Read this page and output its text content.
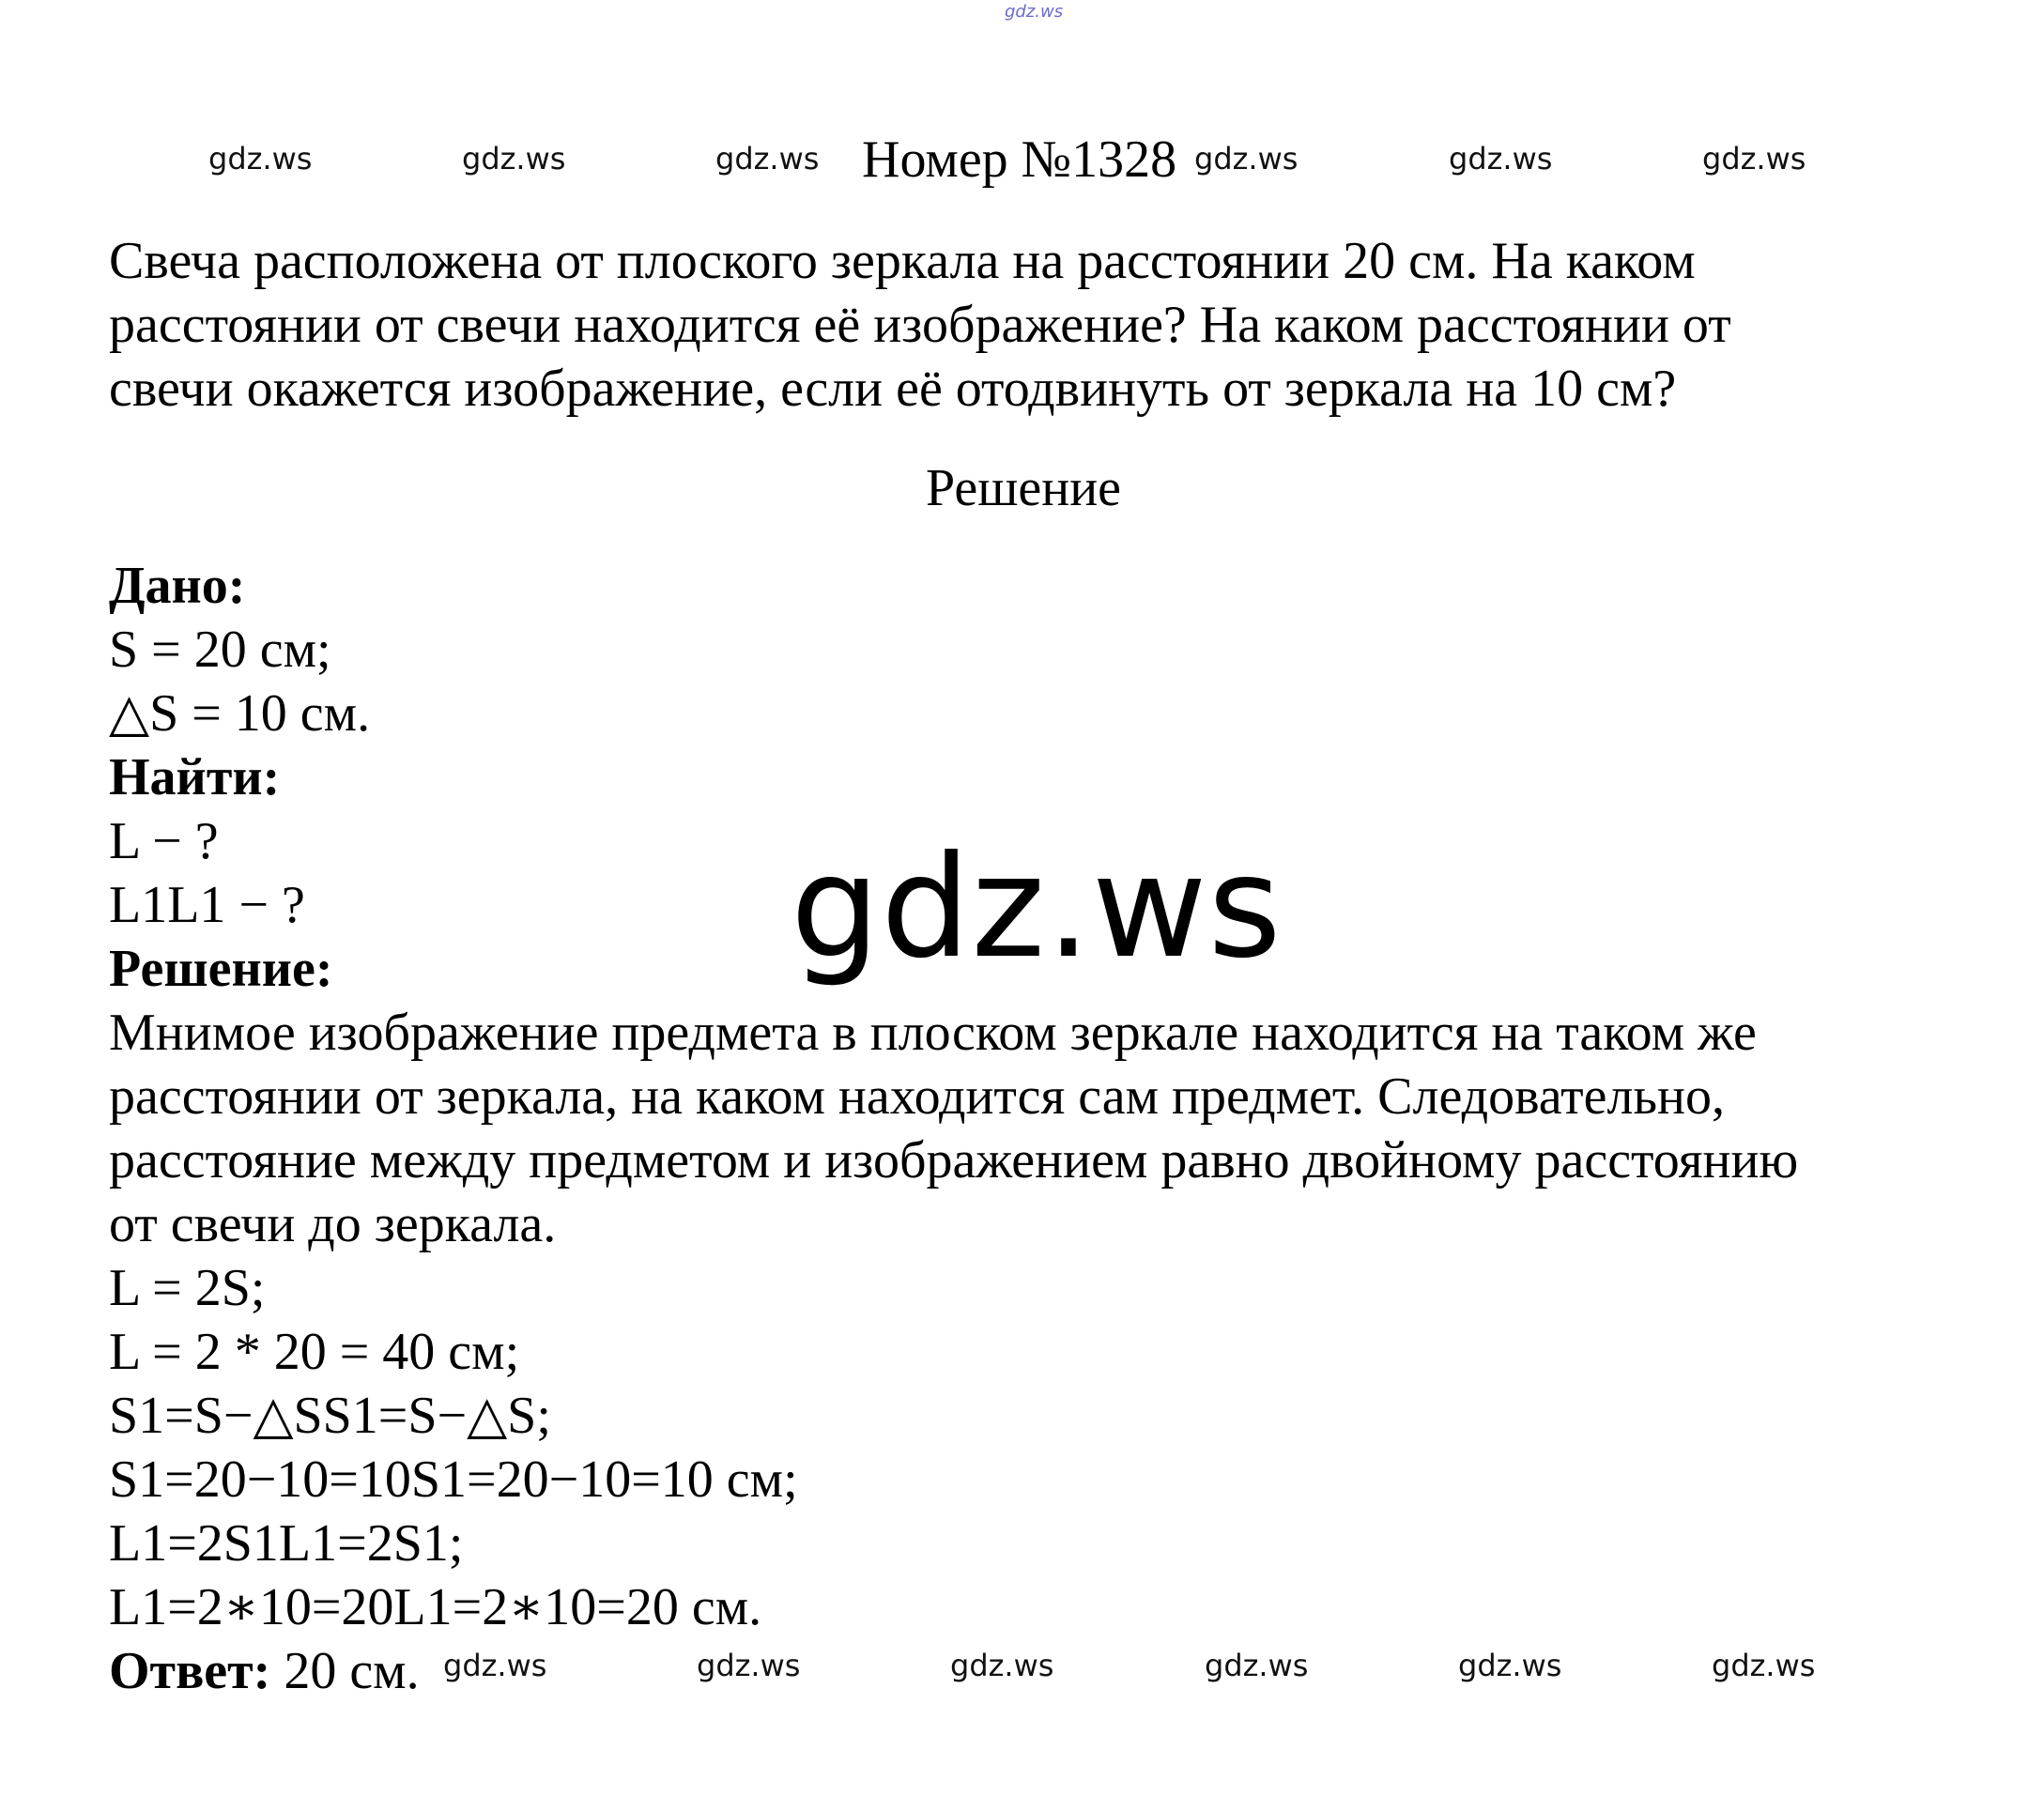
gdz.ws
gdz.ws	gdz.ws	gdz.ws Номер №1328 gdz.ws	gdz.ws	gdz.ws
Свеча расположена от плоского зеркала на расстоянии 20 см. На каком
расстоянии от свечи находится её изображение? На каком расстоянии от
свечи окажется изображение, если её отодвинуть от зеркала на 10 см?
Решение
Дано:
S = 20 см;
△S = 10 см.
Найти:
L − ?
L1L1 − ?
Решение:
Мнимое изображение предмета в плоском зеркале находится на таком же
расстоянии от зеркала, на каком находится сам предмет. Следовательно,
расстояние между предметом и изображением равно двойному расстоянию
от свечи до зеркала.
L = 2S;
L = 2 * 20 = 40 см;
S1=S−△SS1=S−△S;
S1=20−10=10S1=20−10=10 см;
L1=2S1L1=2S1;
L1=2∗10=20L1=2∗10=20 см.
Ответ: 20 см.
gdz.ws
gdz.ws	gdz.ws	gdz.ws	gdz.ws	gdz.ws	gdz.ws
